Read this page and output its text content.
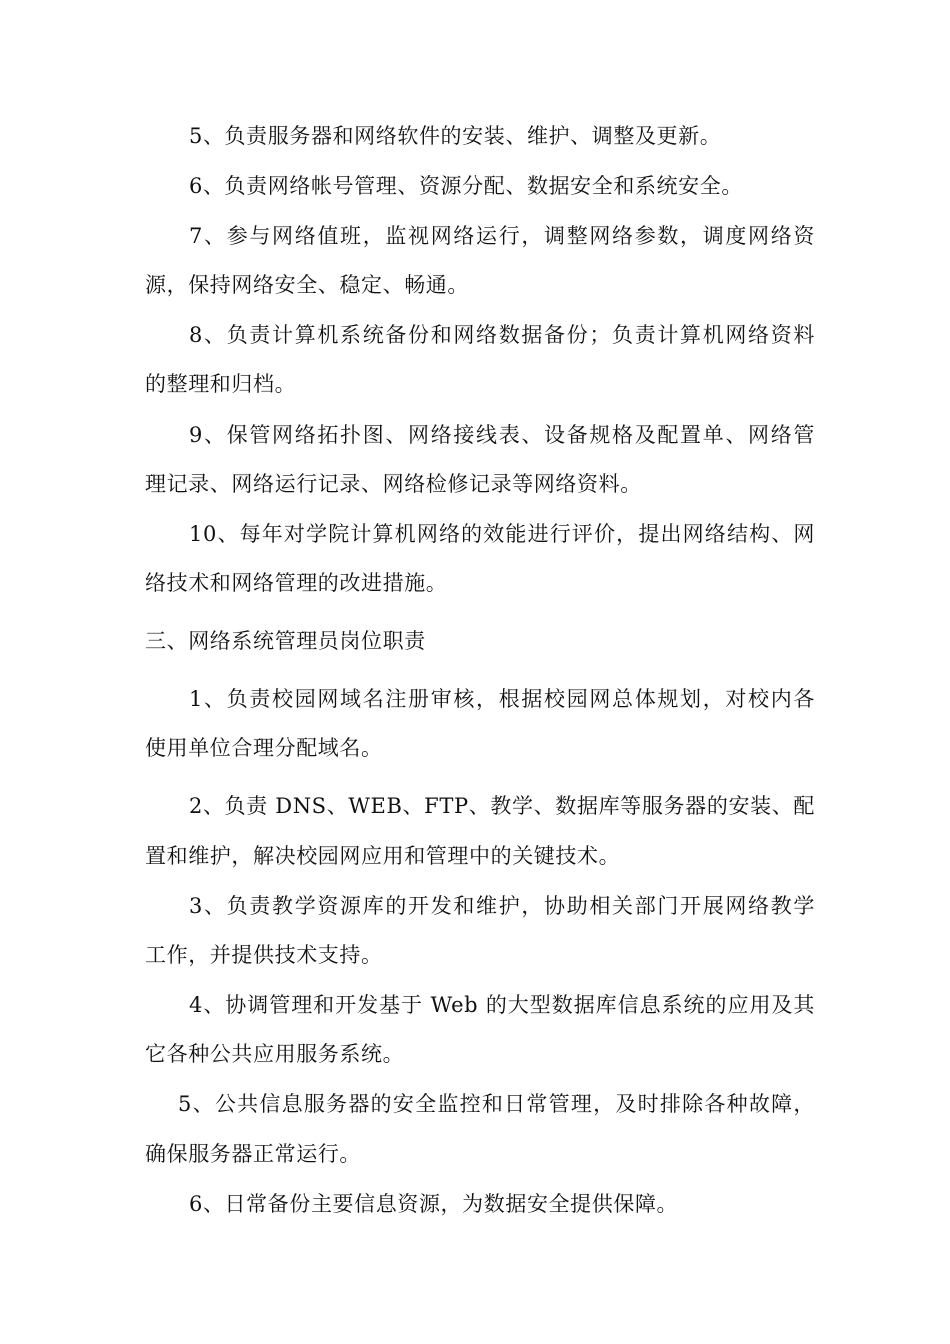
5、负责服务器和网络软件的安装、维护、调整及更新。
6、负责网络帐号管理、资源分配、数据安全和系统安全。
7、参与网络值班，监视网络运行，调整网络参数，调度网络资
源，保持网络安全、稳定、畅通。
8、负责计算机系统备份和网络数据备份；负责计算机网络资料
的整理和归档。
9、保管网络拓扑图、网络接线表、设备规格及配置单、网络管
理记录、网络运行记录、网络检修记录等网络资料。
10、每年对学院计算机网络的效能进行评价，提出网络结构、网
络技术和网络管理的改进措施。
三、网络系统管理员岗位职责
1、负责校园网域名注册审核，根据校园网总体规划，对校内各
使用单位合理分配域名。
2、负责 DNS、WEB、FTP、教学、数据库等服务器的安装、配
置和维护，解决校园网应用和管理中的关键技术。
3、负责教学资源库的开发和维护，协助相关部门开展网络教学
工作，并提供技术支持。
4、协调管理和开发基于 Web 的大型数据库信息系统的应用及其
它各种公共应用服务系统。
5、公共信息服务器的安全监控和日常管理，及时排除各种故障，
确保服务器正常运行。
6、日常备份主要信息资源，为数据安全提供保障。
